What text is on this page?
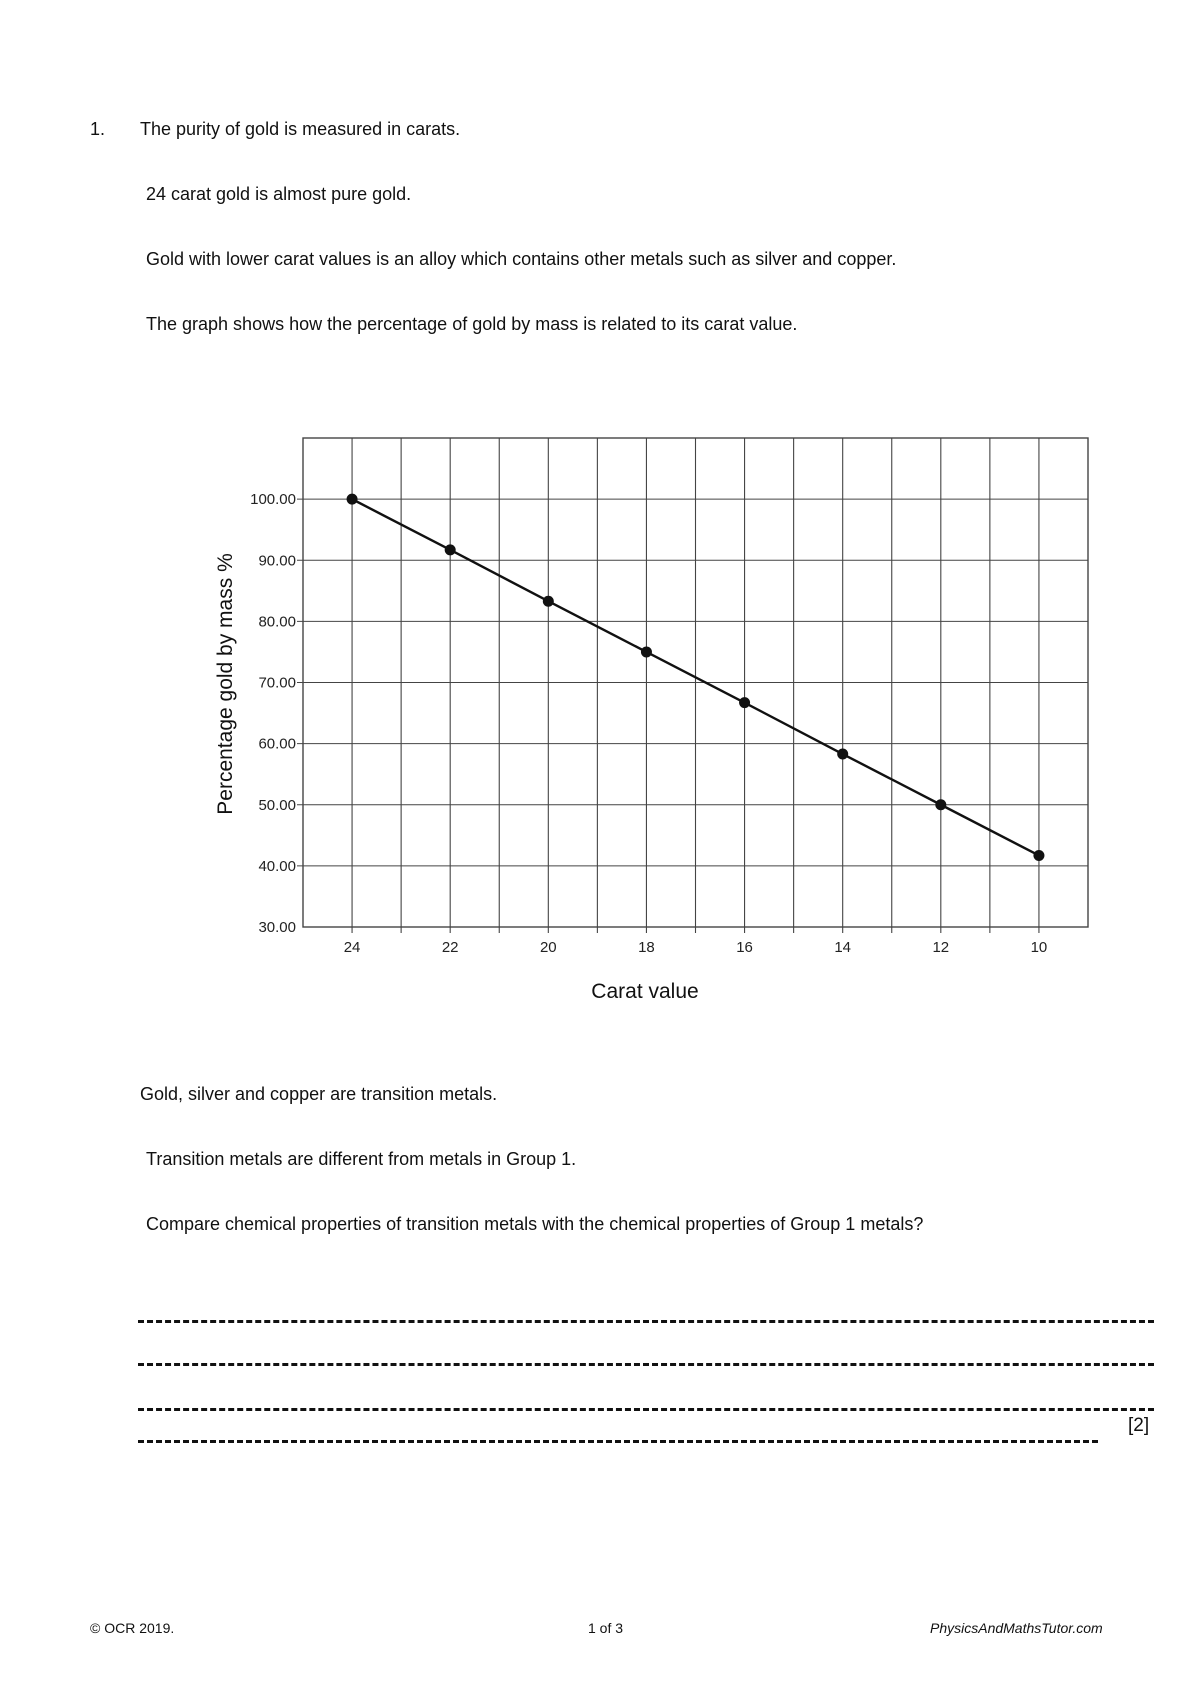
1. The purity of gold is measured in carats.
24 carat gold is almost pure gold.
Gold with lower carat values is an alloy which contains other metals such as silver and copper.
The graph shows how the percentage of gold by mass is related to its carat value.
24	22	20	18	16	14	12	10
100.00
90.00
80.00
70.00
60.00
50.00
40.00
30.00
Carat value
Percentage gold by mass %
Gold, silver and copper are transition metals.
Transition metals are different from metals in Group 1.
Compare chemical properties of transition metals with the chemical properties of Group 1 metals?
[2]
© OCR 2019.	1 of 3	PhysicsAndMathsTutor.com
